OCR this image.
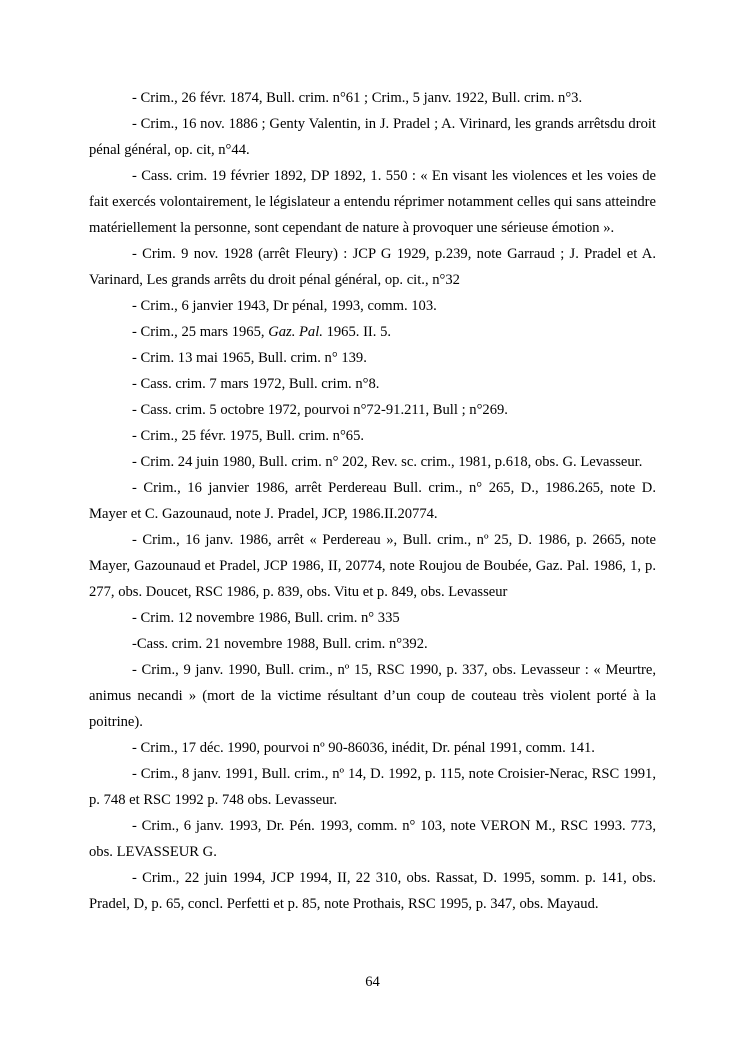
- Crim., 26 févr. 1874, Bull. crim. n°61 ; Crim., 5 janv. 1922, Bull. crim. n°3.

- Crim., 16 nov. 1886 ; Genty Valentin, in J. Pradel ; A. Virinard, les grands arrêtsdu droit pénal général, op. cit, n°44.

- Cass. crim. 19 février 1892, DP 1892, 1. 550 : « En visant les violences et les voies de fait exercés volontairement, le législateur a entendu réprimer notamment celles qui sans atteindre matériellement la personne, sont cependant de nature à provoquer une sérieuse émotion ».

- Crim. 9 nov. 1928 (arrêt Fleury) : JCP G 1929, p.239, note Garraud ; J. Pradel et A. Varinard, Les grands arrêts du droit pénal général, op. cit., n°32

- Crim., 6 janvier 1943, Dr pénal, 1993, comm. 103.

- Crim., 25 mars 1965, Gaz. Pal. 1965. II. 5.

- Crim. 13 mai 1965, Bull. crim. n° 139.

- Cass. crim. 7 mars 1972, Bull. crim. n°8.

- Cass. crim. 5 octobre 1972, pourvoi n°72-91.211, Bull ; n°269.

- Crim., 25 févr. 1975, Bull. crim. n°65.

- Crim. 24 juin 1980, Bull. crim. n° 202, Rev. sc. crim., 1981, p.618, obs. G. Levasseur.

- Crim., 16 janvier 1986, arrêt Perdereau Bull. crim., n° 265, D., 1986.265, note D. Mayer et C. Gazounaud, note J. Pradel, JCP, 1986.II.20774.

- Crim., 16 janv. 1986, arrêt « Perdereau », Bull. crim., nº 25, D. 1986, p. 2665, note Mayer, Gazounaud et Pradel, JCP 1986, II, 20774, note Roujou de Boubée, Gaz. Pal. 1986, 1, p. 277, obs. Doucet, RSC 1986, p. 839, obs. Vitu et p. 849, obs. Levasseur

- Crim. 12 novembre 1986, Bull. crim. n° 335

-Cass. crim. 21 novembre 1988, Bull. crim. n°392.

- Crim., 9 janv. 1990, Bull. crim., nº 15, RSC 1990, p. 337, obs. Levasseur : « Meurtre, animus necandi » (mort de la victime résultant d’un coup de couteau très violent porté à la poitrine).

- Crim., 17 déc. 1990, pourvoi nº 90-86036, inédit, Dr. pénal 1991, comm. 141.

- Crim., 8 janv. 1991, Bull. crim., nº 14, D. 1992, p. 115, note Croisier-Nerac, RSC 1991, p. 748 et RSC 1992 p. 748 obs. Levasseur.

- Crim., 6 janv. 1993, Dr. Pén. 1993, comm. n° 103, note VERON M., RSC 1993. 773, obs. LEVASSEUR G.

- Crim., 22 juin 1994, JCP 1994, II, 22 310, obs. Rassat, D. 1995, somm. p. 141, obs. Pradel, D, p. 65, concl. Perfetti et p. 85, note Prothais, RSC 1995, p. 347, obs. Mayaud.

64
